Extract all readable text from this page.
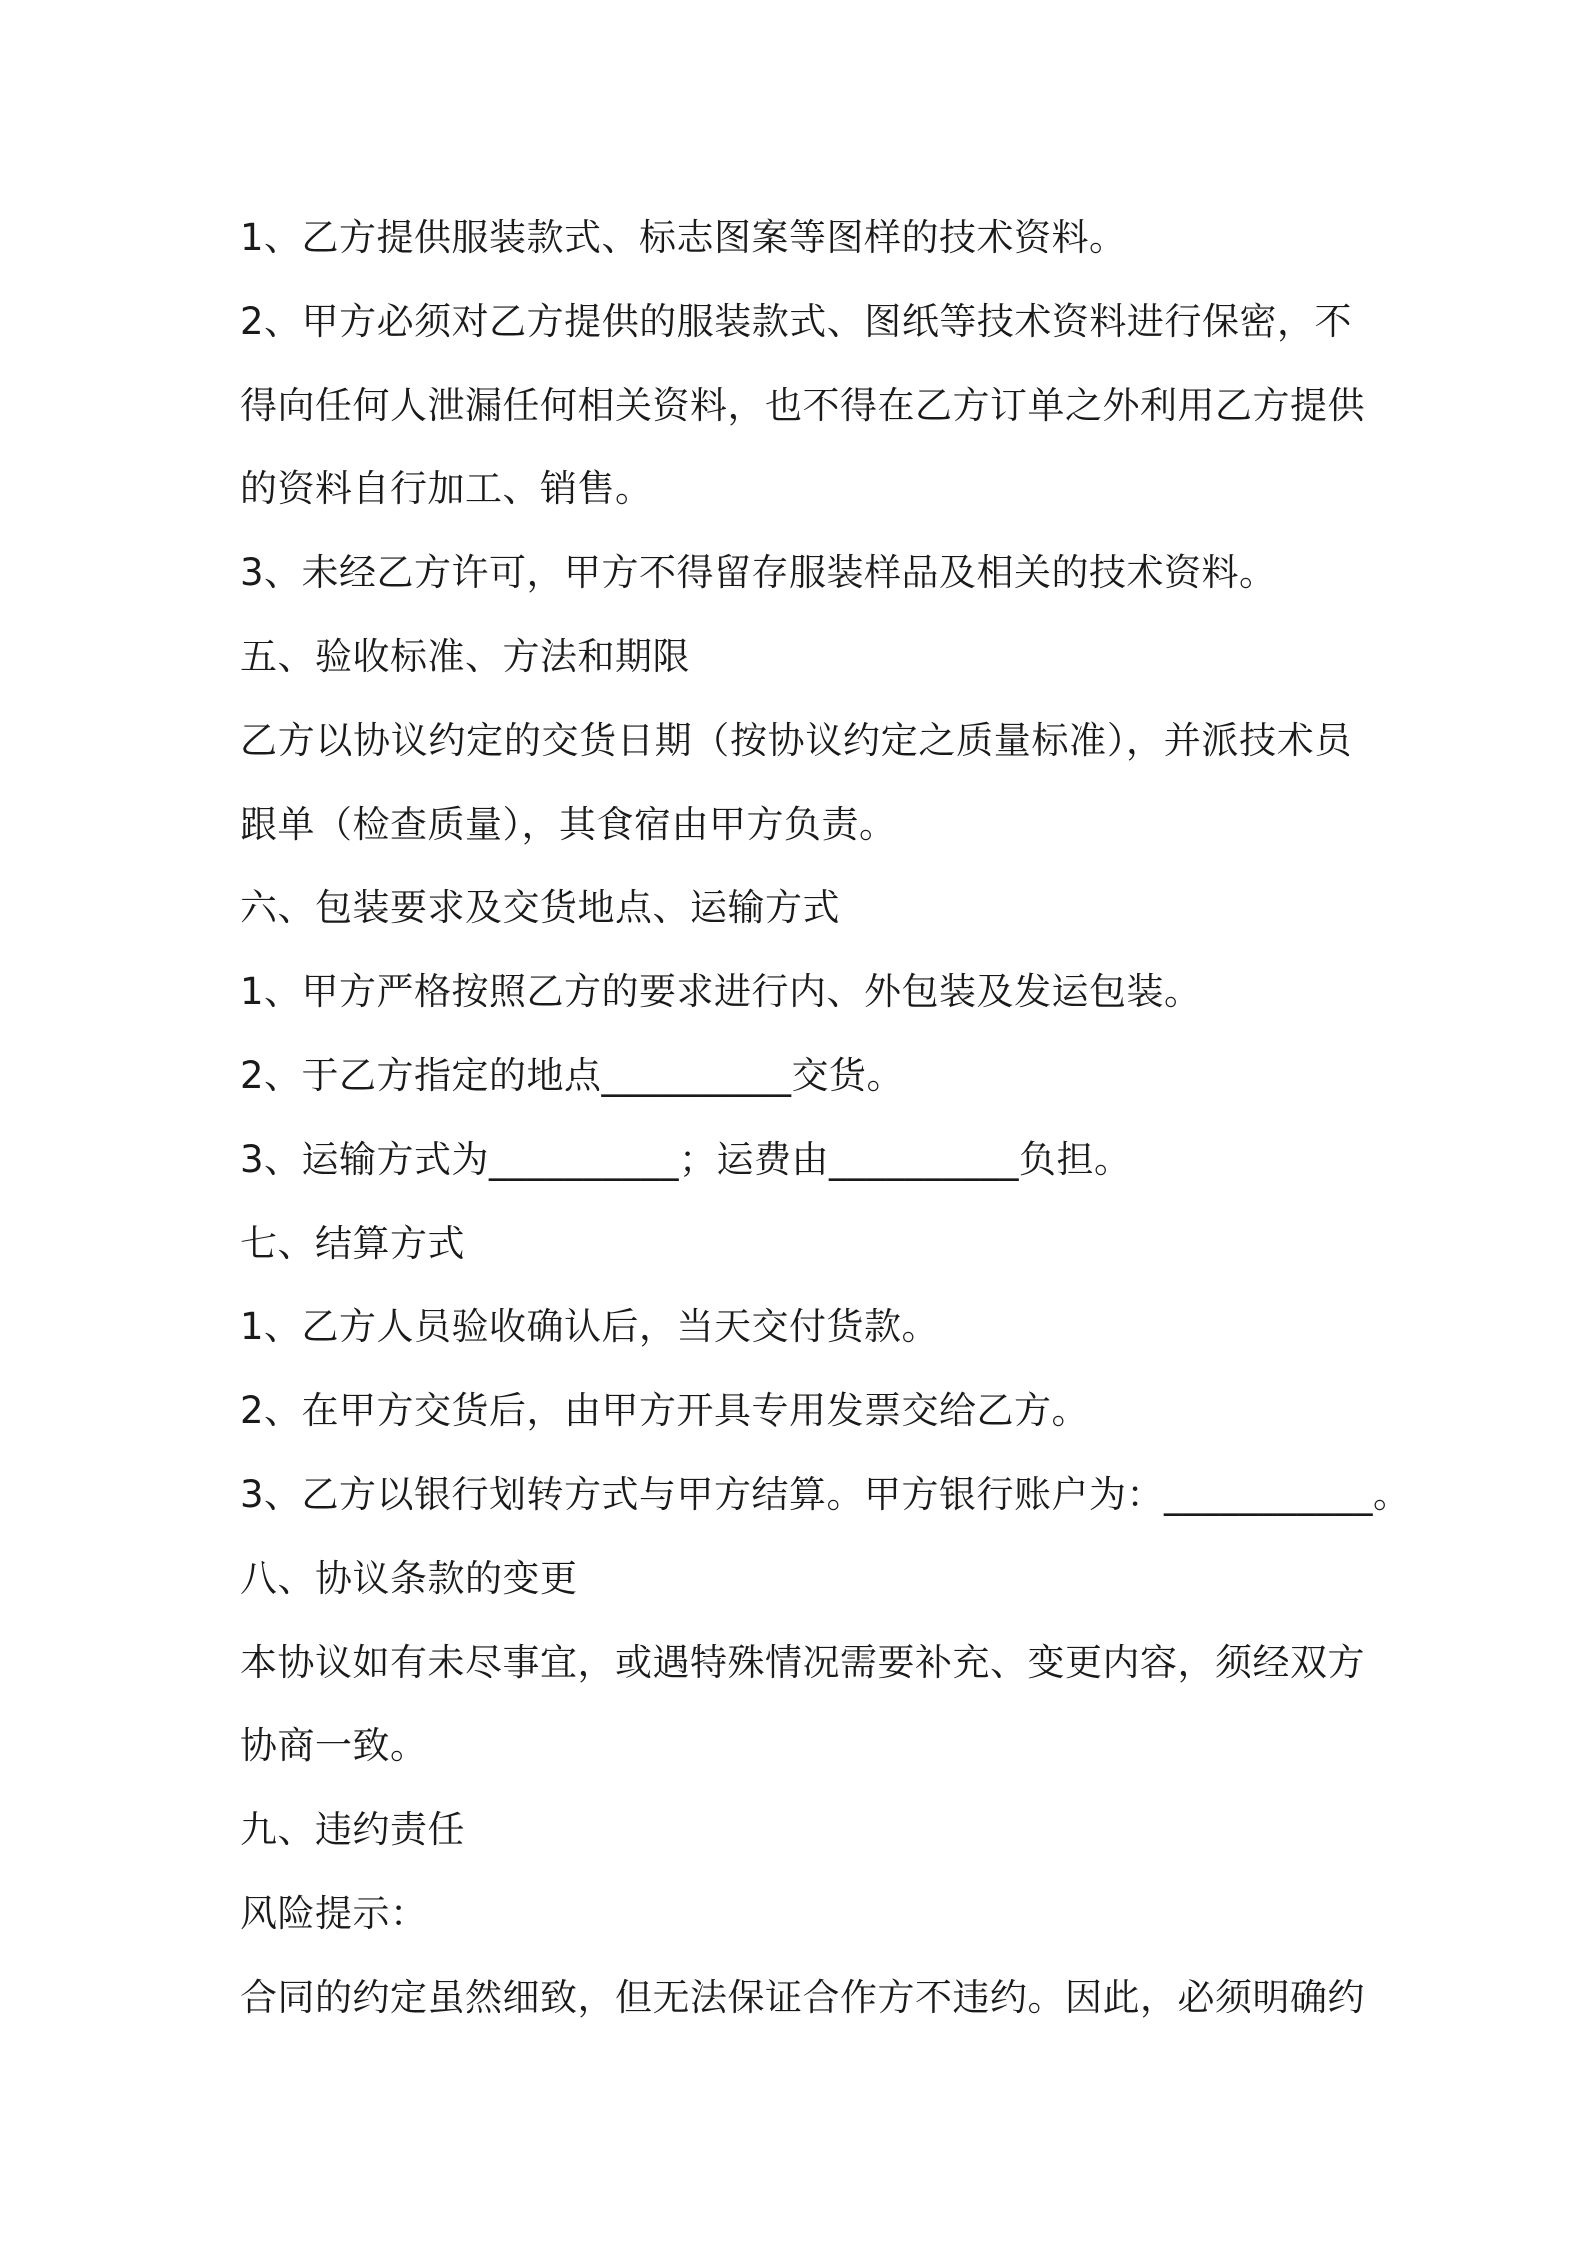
1、乙方提供服装款式、标志图案等图样的技术资料。
2、甲方必须对乙方提供的服装款式、图纸等技术资料进行保密，不
得向任何人泄漏任何相关资料，也不得在乙方订单之外利用乙方提供
的资料自行加工、销售。
3、未经乙方许可，甲方不得留存服装样品及相关的技术资料。
五、验收标准、方法和期限
乙方以协议约定的交货日期（按协议约定之质量标准），并派技术员
跟单（检查质量），其食宿由甲方负责。
六、包装要求及交货地点、运输方式
1、甲方严格按照乙方的要求进行内、外包装及发运包装。
2、于乙方指定的地点__________交货。
3、运输方式为__________；运费由__________负担。
七、结算方式
1、乙方人员验收确认后，当天交付货款。
2、在甲方交货后，由甲方开具专用发票交给乙方。
3、乙方以银行划转方式与甲方结算。甲方银行账户为：___________。
八、协议条款的变更
本协议如有未尽事宜，或遇特殊情况需要补充、变更内容，须经双方
协商一致。
九、违约责任
风险提示：
合同的约定虽然细致，但无法保证合作方不违约。因此，必须明确约
